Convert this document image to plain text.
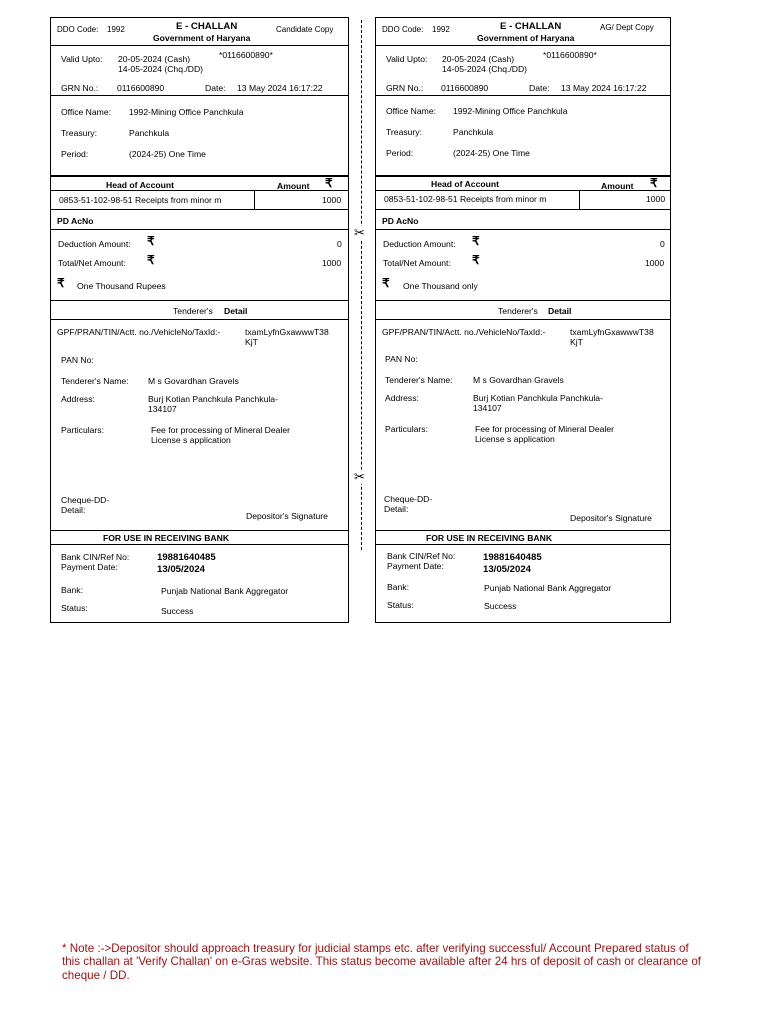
DDO Code: 1992	E - CHALLAN
Government of Haryana
Candidate Copy
Valid Upto: 20-05-2024 (Cash)
14-05-2024 (Chq./DD)
*0116600890*
GRN No.: 0116600890	Date: 13 May 2024 16:17:22
Office Name: 1992-Mining Office Panchkula
Treasury:	Panchkula
Period:	(2024-25) One Time
Head of Account	Amount ₹
0853-51-102-98-51 Receipts from minor m	1000
PD AcNo
Deduction Amount: ₹	0
Total/Net Amount: ₹	1000
₹ One Thousand Rupees
Tenderer's Detail
GPF/PRAN/TIN/Actt. no./VehicleNo/TaxId:-	txamLyfnGxawwwT38
KjT
PAN No:
Tenderer's Name: M s Govardhan Gravels
Address:	Burj Kotian Panchkula Panchkula-
134107
Particulars:	Fee for processing of Mineral Dealer
License s application
Cheque-DD-
Detail:
Depositor's Signature
FOR USE IN RECEIVING BANK
Bank CIN/Ref No:	19881640485
Payment Date:	13/05/2024
Bank:	Punjab National Bank Aggregator
Status:	Success
✂
✂
DDO Code: 1992	E - CHALLAN
Government of Haryana
AG/ Dept Copy
Valid Upto: 20-05-2024 (Cash)
14-05-2024 (Chq./DD)
*0116600890*
GRN No.: 0116600890	Date: 13 May 2024 16:17:22
Office Name: 1992-Mining Office Panchkula
Treasury:	Panchkula
Period:	(2024-25) One Time
Head of Account	Amount ₹
0853-51-102-98-51 Receipts from minor m	1000
PD AcNo
Deduction Amount: ₹	0
Total/Net Amount: ₹	1000
₹ One Thousand only
Tenderer's Detail
GPF/PRAN/TIN/Actt. no./VehicleNo/TaxId:-	txamLyfnGxawwwT38
KjT
PAN No:
Tenderer's Name: M s Govardhan Gravels
Address:	Burj Kotian Panchkula Panchkula-
134107
Particulars:	Fee for processing of Mineral Dealer
License s application
Cheque-DD-
Detail:
Depositor's Signature
FOR USE IN RECEIVING BANK
Bank CIN/Ref No:	19881640485
Payment Date:	13/05/2024
Bank:	Punjab National Bank Aggregator
Status:	Success
* Note :->Depositor should approach treasury for judicial stamps etc. after verifying successful/ Account Prepared status of this challan at 'Verify Challan' on e-Gras website. This status become available after 24 hrs of deposit of cash or clearance of cheque / DD.
